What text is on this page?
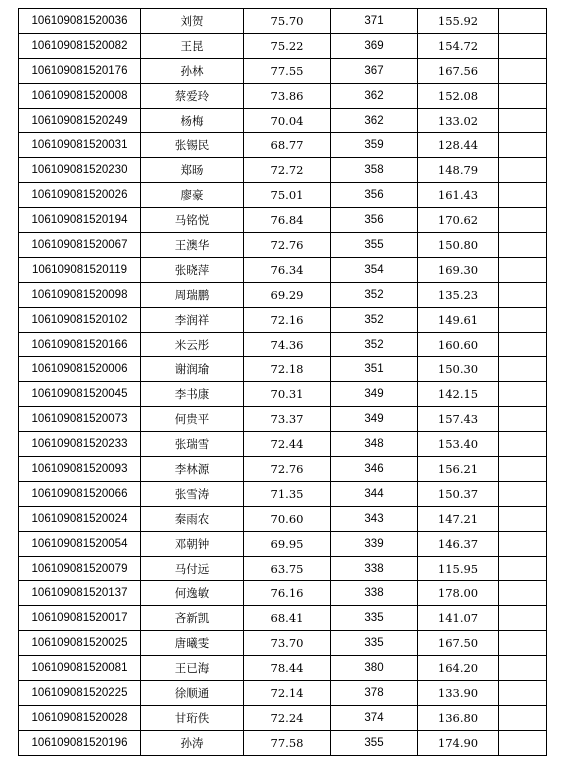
106109081520036	刘贺	75.70	371	155.92	
106109081520082	王昆	75.22	369	154.72	
106109081520176	孙林	77.55	367	167.56	
106109081520008	蔡爱玲	73.86	362	152.08	
106109081520249	杨梅	70.04	362	133.02	
106109081520031	张锡民	68.77	359	128.44	
106109081520230	郑旸	72.72	358	148.79	
106109081520026	廖豪	75.01	356	161.43	
106109081520194	马铭悦	76.84	356	170.62	
106109081520067	王澳华	72.76	355	150.80	
106109081520119	张晓萍	76.34	354	169.30	
106109081520098	周瑞鹏	69.29	352	135.23	
106109081520102	李润祥	72.16	352	149.61	
106109081520166	米云彤	74.36	352	160.60	
106109081520006	谢润瑜	72.18	351	150.30	
106109081520045	李书康	70.31	349	142.15	
106109081520073	何贵平	73.37	349	157.43	
106109081520233	张瑞雪	72.44	348	153.40	
106109081520093	李林源	72.76	346	156.21	
106109081520066	张雪涛	71.35	344	150.37	
106109081520024	秦雨农	70.60	343	147.21	
106109081520054	邓朝钟	69.95	339	146.37	
106109081520079	马付远	63.75	338	115.95	
106109081520137	何逸敏	76.16	338	178.00	
106109081520017	吝新凯	68.41	335	141.07	
106109081520025	唐曦雯	73.70	335	167.50	
106109081520081	王已海	78.44	380	164.20	
106109081520225	徐顺通	72.14	378	133.90	
106109081520028	甘珩佚	72.24	374	136.80	
106109081520196	孙涛	77.58	355	174.90	
